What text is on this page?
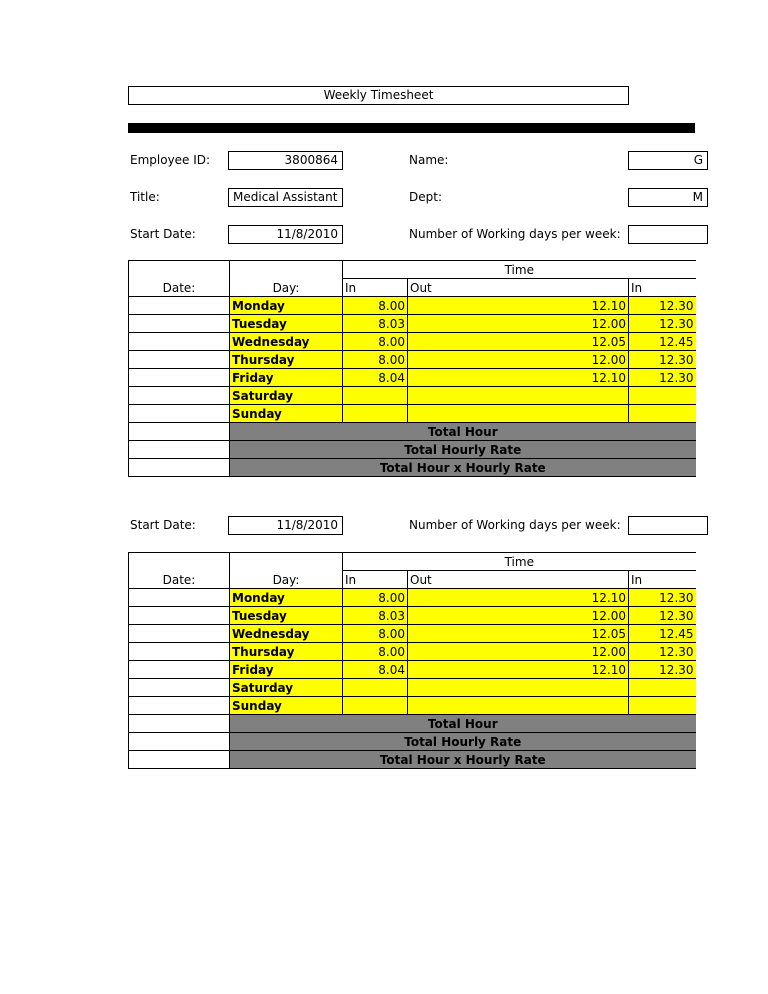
Weekly Timesheet
Employee ID:	3800864	Name:	G
Title:	Medical Assistant	Dept:	M
Start Date:	11/8/2010	Number of Working days per week:
Date:	Day:	Time		
		In	Out	In
	Monday	8.00	12.10	12.30
	Tuesday	8.03	12.00	12.30
	Wednesday	8.00	12.05	12.45
	Thursday	8.00	12.00	12.30
	Friday	8.04	12.10	12.30
	Saturday			
	Sunday			
	Total Hour			
	Total Hourly Rate			
	Total Hour x Hourly Rate			
Start Date:	11/8/2010	Number of Working days per week:
Date:	Day:	Time		
		In	Out	In
	Monday	8.00	12.10	12.30
	Tuesday	8.03	12.00	12.30
	Wednesday	8.00	12.05	12.45
	Thursday	8.00	12.00	12.30
	Friday	8.04	12.10	12.30
	Saturday			
	Sunday			
	Total Hour			
	Total Hourly Rate			
	Total Hour x Hourly Rate			
